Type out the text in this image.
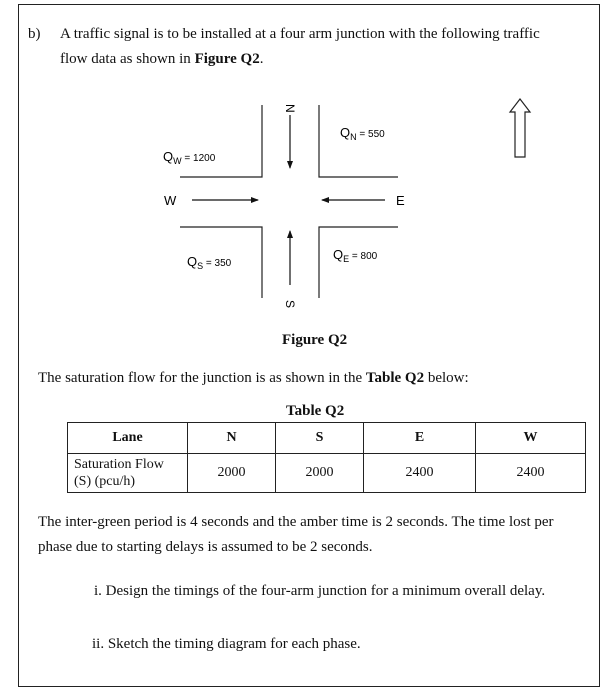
b) A traffic signal is to be installed at a four arm junction with the following traffic
flow data as shown in Figure Q2.
N
S
W	E
$Q_W$ $^{= 1200}$
$Q_N$ $^{= 550}$
$Q_S$ $^{= 350}$
$Q_E$ $^{= 800}$
Figure Q2
The saturation flow for the junction is as shown in the Table Q2 below:
Table Q2
Lane	N	S	E	W

Saturation Flow
(S) (pcu/h)	2000	2000	2400	2400
The inter-green period is 4 seconds and the amber time is 2 seconds. The time lost per
phase due to starting delays is assumed to be 2 seconds.
i. Design the timings of the four-arm junction for a minimum overall delay.
ii. Sketch the timing diagram for each phase.
